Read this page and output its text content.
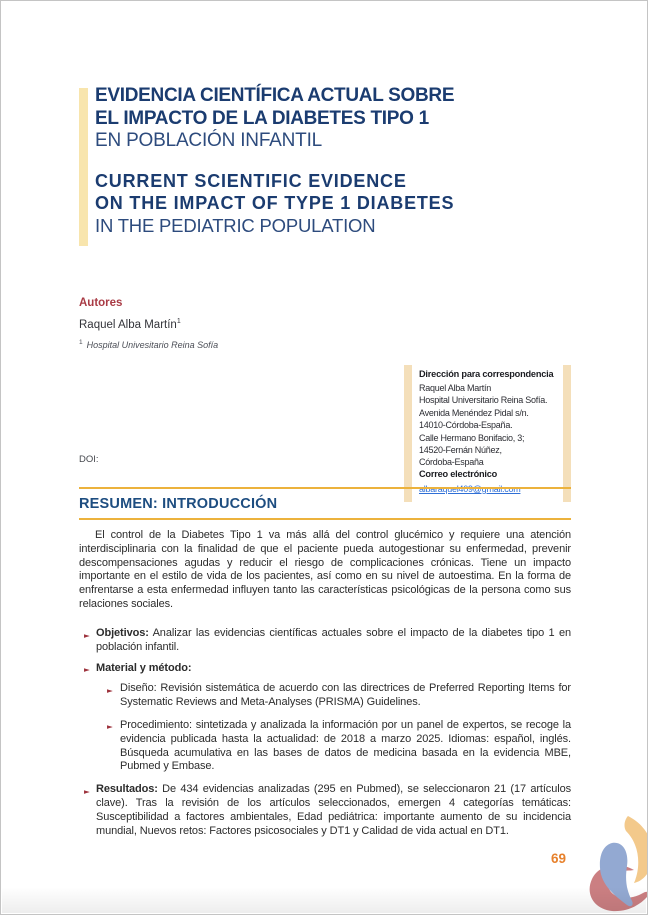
EVIDENCIA CIENTÍFICA ACTUAL SOBRE
EL IMPACTO DE LA DIABETES TIPO 1
EN POBLACIÓN INFANTIL
CURRENT SCIENTIFIC EVIDENCE
ON THE IMPACT OF TYPE 1 DIABETES
IN THE PEDIATRIC POPULATION
Autores
Raquel Alba Martín$^1$
$^1$ Hospital Univesitario Reina Sofía
DOI:
Dirección para correspondencia
Raquel Alba Martín
Hospital Universitario Reina Sofía.
Avenida Menéndez Pidal s/n.
14010-Córdoba-España.
Calle Hermano Bonifacio, 3;
14520-Fernán Núñez,
Córdoba-España
Correo electrónico
RESUMEN: INTRODUCCIÓN
El control de la Diabetes Tipo 1 va más allá del control glucémico y requiere una atención interdisciplinaria con la finalidad de que el paciente pueda autogestionar su enfermedad, prevenir descompensaciones agudas y reducir el riesgo de complicaciones crónicas. Tiene un impacto importante en el estilo de vida de los pacientes, así como en su nivel de autoestima. En la forma de enfrentarse a esta enfermedad influyen tanto las características psicológicas de la persona como sus relaciones sociales.
► Objetivos: Analizar las evidencias científicas actuales sobre el impacto de la diabetes tipo 1 en población infantil.
► Material y método:
► Diseño: Revisión sistemática de acuerdo con las directrices de Preferred Reporting Items for Systematic Reviews and Meta-Analyses (PRISMA) Guidelines.
► Procedimiento: sintetizada y analizada la información por un panel de expertos, se recoge la evidencia publicada hasta la actualidad: de 2018 a marzo 2025. Idiomas: español, inglés. Búsqueda acumulativa en las bases de datos de medicina basada en la evidencia MBE, Pubmed y Embase.
► Resultados: De 434 evidencias analizadas (295 en Pubmed), se seleccionaron 21 (17 artículos clave). Tras la revisión de los artículos seleccionados, emergen 4 categorías temáticas: Susceptibilidad a factores ambientales, Edad pediátrica: importante aumento de su incidencia mundial, Nuevos retos: Factores psicosociales y DT1 y Calidad de vida actual en DT1.
69
